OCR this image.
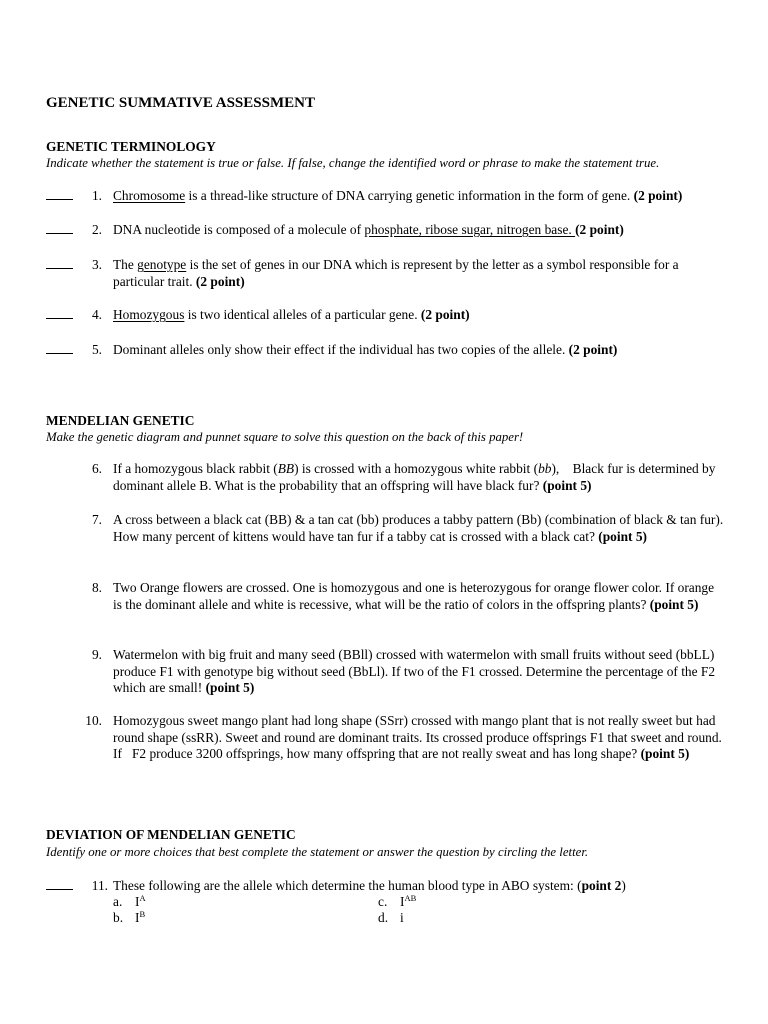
GENETIC SUMMATIVE ASSESSMENT
GENETIC TERMINOLOGY
Indicate whether the statement is true or false. If false, change the identified word or phrase to make the statement true.
1. Chromosome is a thread-like structure of DNA carrying genetic information in the form of gene. (2 point)
2. DNA nucleotide is composed of a molecule of phosphate, ribose sugar, nitrogen base. (2 point)
3. The genotype is the set of genes in our DNA which is represent by the letter as a symbol responsible for a particular trait. (2 point)
4. Homozygous is two identical alleles of a particular gene. (2 point)
5. Dominant alleles only show their effect if the individual has two copies of the allele. (2 point)
MENDELIAN GENETIC
Make the genetic diagram and punnet square to solve this question on the back of this paper!
6. If a homozygous black rabbit (BB) is crossed with a homozygous white rabbit (bb),    Black fur is determined by dominant allele B. What is the probability that an offspring will have black fur? (point 5)
7. A cross between a black cat (BB) & a tan cat (bb) produces a tabby pattern (Bb) (combination of black & tan fur).
How many percent of kittens would have tan fur if a tabby cat is crossed with a black cat? (point 5)
8. Two Orange flowers are crossed. One is homozygous and one is heterozygous for orange flower color. If orange is the dominant allele and white is recessive, what will be the ratio of colors in the offspring plants? (point 5)
9. Watermelon with big fruit and many seed (BBll) crossed with watermelon with small fruits without seed (bbLL) produce F1 with genotype big without seed (BbLl). If two of the F1 crossed. Determine the percentage of the F2 which are small! (point 5)
10. Homozygous sweet mango plant had long shape (SSrr) crossed with mango plant that is not really sweet but had round shape (ssRR). Sweet and round are dominant traits. Its crossed produce offsprings F1 that sweet and round. If   F2 produce 3200 offsprings, how many offspring that are not really sweat and has long shape? (point 5)
DEVIATION OF MENDELIAN GENETIC
Identify one or more choices that best complete the statement or answer the question by circling the letter.
11. These following are the allele which determine the human blood type in ABO system: (point 2)
a. $I^A$
b. $I^B$
c. $I^{AB}$
d. i
